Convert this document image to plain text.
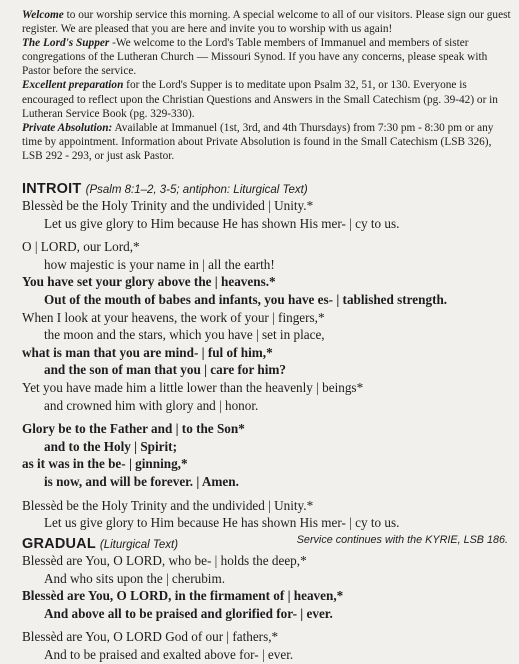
Welcome to our worship service this morning. A special welcome to all of our visitors. Please sign our guest register. We are pleased that you are here and invite you to worship with us again!

The Lord's Supper -We welcome to the Lord's Table members of Immanuel and members of sister congregations of the Lutheran Church — Missouri Synod. If you have any concerns, please speak with Pastor before the service.

Excellent preparation for the Lord's Supper is to meditate upon Psalm 32, 51, or 130. Everyone is encouraged to reflect upon the Christian Questions and Answers in the Small Catechism (pg. 39-42) or in Lutheran Service Book (pg. 329-330).

Private Absolution: Available at Immanuel (1st, 3rd, and 4th Thursdays) from 7:30 pm - 8:30 pm or any time by appointment. Information about Private Absolution is found in the Small Catechism (LSB 326), LSB 292 - 293, or just ask Pastor.

INTROIT (Psalm 8:1–2, 3-5; antiphon: Liturgical Text)
Blessèd be the Holy Trinity and the undivided | Unity.*
Let us give glory to Him because He has shown His mer- | cy to us.
O | LORD, our Lord,*
how majestic is your name in | all the earth!
You have set your glory above the | heavens.*
Out of the mouth of babes and infants, you have es- | tablished strength.
When I look at your heavens, the work of your | fingers,*
the moon and the stars, which you have | set in place,
what is man that you are mind- | ful of him,*
and the son of man that you | care for him?
Yet you have made him a little lower than the heavenly | beings*
and crowned him with glory and | honor.
Glory be to the Father and | to the Son*
and to the Holy | Spirit;
as it was in the be- | ginning,*
is now, and will be forever. | Amen.
Blessèd be the Holy Trinity and the undivided | Unity.*
Let us give glory to Him because He has shown His mer- | cy to us.
Service continues with the KYRIE, LSB 186.
GRADUAL (Liturgical Text)
Blessèd are You, O LORD, who be- | holds the deep,*
And who sits upon the | cherubim.
Blessèd are You, O LORD, in the firmament of | heaven,*
And above all to be praised and glorified for- | ever.
Blessèd are You, O LORD God of our | fathers,*
And to be praised and exalted above for- | ever.
